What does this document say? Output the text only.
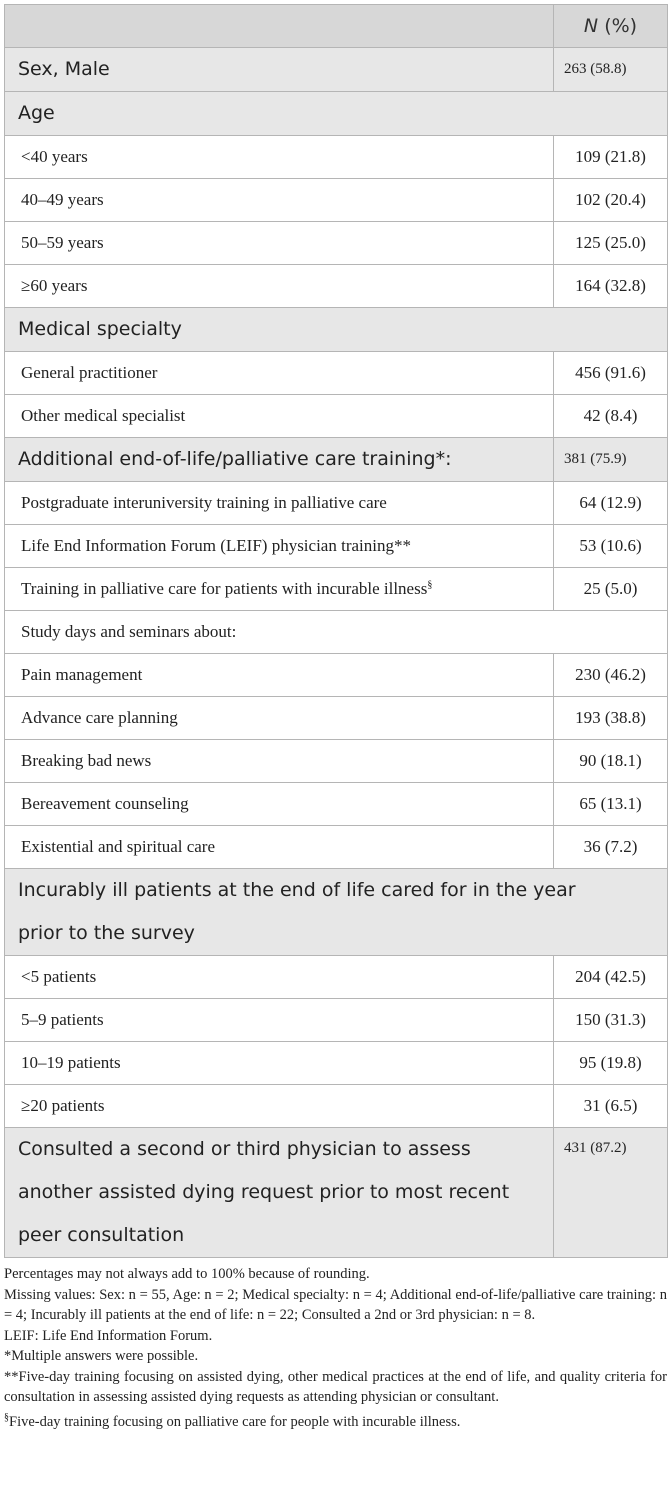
	N (%)
Sex, Male	263 (58.8)
Age	
<40 years	109 (21.8)
40–49 years	102 (20.4)
50–59 years	125 (25.0)
≥60 years	164 (32.8)
Medical specialty	
General practitioner	456 (91.6)
Other medical specialist	42 (8.4)
Additional end-of-life/palliative care training*:	381 (75.9)
Postgraduate interuniversity training in palliative care	64 (12.9)
Life End Information Forum (LEIF) physician training**	53 (10.6)
Training in palliative care for patients with incurable illness§	25 (5.0)
Study days and seminars about:	
Pain management	230 (46.2)
Advance care planning	193 (38.8)
Breaking bad news	90 (18.1)
Bereavement counseling	65 (13.1)
Existential and spiritual care	36 (7.2)

Incurably ill patients at the end of life cared for in the year
prior to the survey	

<5 patients	204 (42.5)
5–9 patients	150 (31.3)
10–19 patients	95 (19.8)
≥20 patients	31 (6.5)

Consulted a second or third physician to assess
another assisted dying request prior to most recent
peer consultation	431 (87.2)

Percentages may not always add to 100% because of rounding.

Missing values: Sex: n = 55, Age: n = 2; Medical specialty: n = 4; Additional end-of-life/palliative care training: n = 4; Incurably ill patients at the end of life: n = 22; Consulted a 2nd or 3rd physician: n = 8.

LEIF: Life End Information Forum.

*Multiple answers were possible.

**Five-day training focusing on assisted dying, other medical practices at the end of life, and quality criteria for consultation in assessing assisted dying requests as attending physician or consultant.

§Five-day training focusing on palliative care for people with incurable illness.
